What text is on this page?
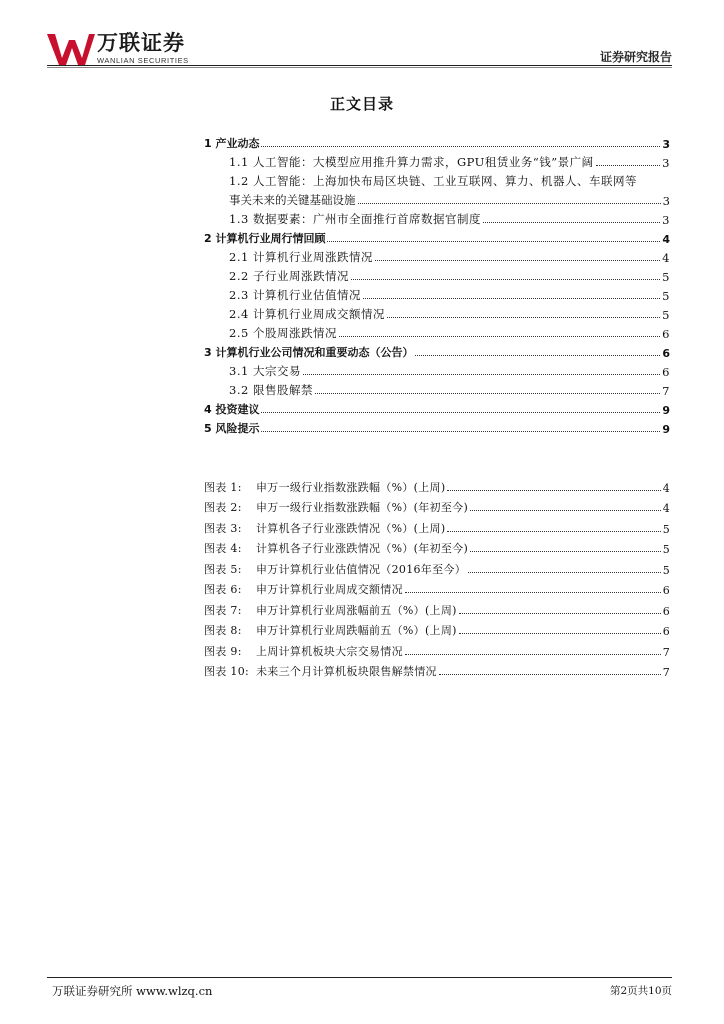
万联证券
WANLIAN SECURITIES	证券研究报告
正文目录
1 产业动态	3
1.1 人工智能：大模型应用推升算力需求，GPU租赁业务“钱”景广阔	3
1.2 人工智能：上海加快布局区块链、工业互联网、算力、机器人、车联网等
事关未来的关键基础设施	3
1.3 数据要素：广州市全面推行首席数据官制度	3
2 计算机行业周行情回顾	4
2.1 计算机行业周涨跌情况	4
2.2 子行业周涨跌情况	5
2.3 计算机行业估值情况	5
2.4 计算机行业周成交额情况	5
2.5 个股周涨跌情况	6
3 计算机行业公司情况和重要动态（公告）	6
3.1 大宗交易	6
3.2 限售股解禁	7
4 投资建议	9
5 风险提示	9
图表 1:	申万一级行业指数涨跌幅（%）(上周)	4
图表 2:	申万一级行业指数涨跌幅（%）(年初至今)	4
图表 3:	计算机各子行业涨跌情况（%）(上周)	5
图表 4:	计算机各子行业涨跌情况（%）(年初至今)	5
图表 5:	申万计算机行业估值情况（2016年至今）	5
图表 6:	申万计算机行业周成交额情况	6
图表 7:	申万计算机行业周涨幅前五（%）(上周)	6
图表 8:	申万计算机行业周跌幅前五（%）(上周)	6
图表 9:	上周计算机板块大宗交易情况	7
图表 10: 未来三个月计算机板块限售解禁情况	7
万联证券研究所 www.wlzq.cn	第2页共10页
